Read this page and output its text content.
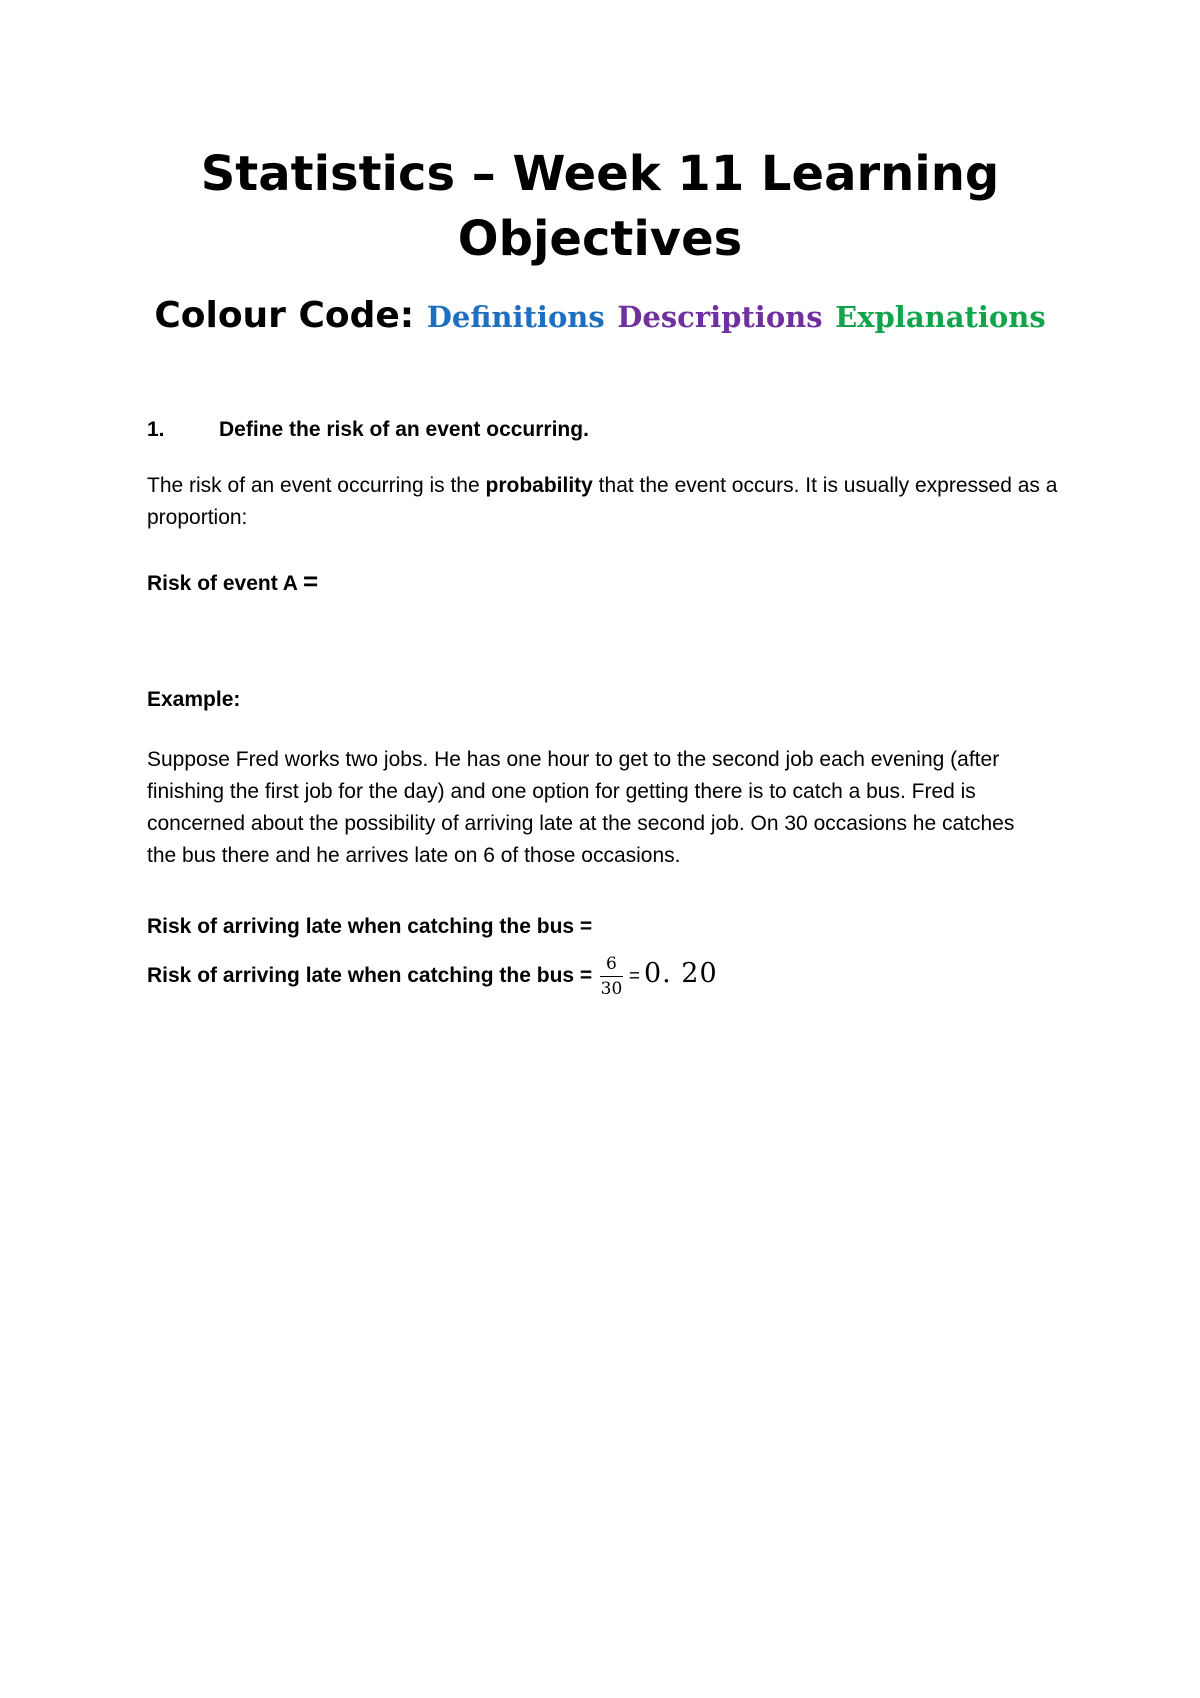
Statistics – Week 11 Learning Objectives
Colour Code: Definitions Descriptions Explanations
1.	Define the risk of an event occurring.

The risk of an event occurring is the probability that the event occurs. It is usually expressed as a proportion:

Risk of event A =
Example:

Suppose Fred works two jobs. He has one hour to get to the second job each evening (after finishing the first job for the day) and one option for getting there is to catch a bus. Fred is concerned about the possibility of arriving late at the second job. On 30 occasions he catches the bus there and he arrives late on 6 of those occasions.

Risk of arriving late when catching the bus =
Risk of arriving late when catching the bus = $\frac{6}{30} = 0$. 20
